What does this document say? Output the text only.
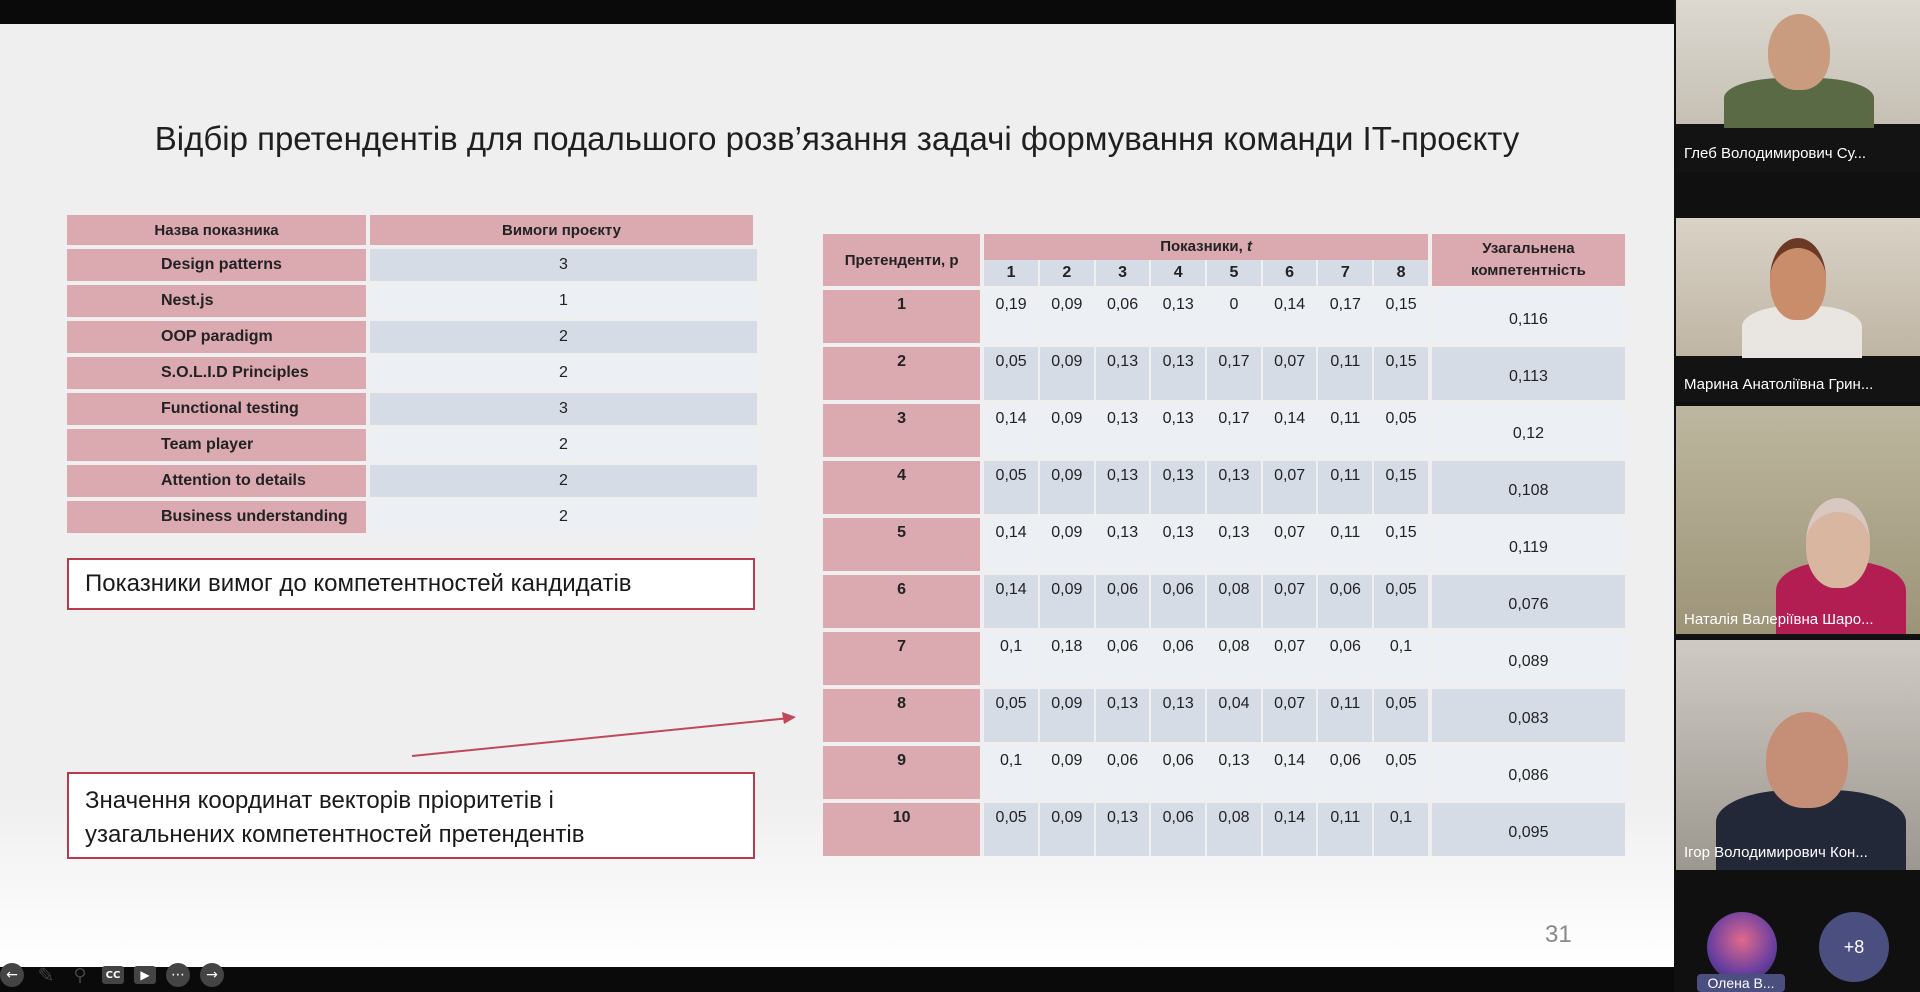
Відбір претендентів для подальшого розв’язання задачі формування команди IT-проєкту
Назва показника	Вимоги проєкту
Design patterns	3
Nest.js	1
OOP paradigm	2
S.O.L.I.D Principles	2
Functional testing	3
Team player	2
Attention to details	2
Business understanding	2
Показники вимог до компетентностей кандидатів
Значення координат векторів пріоритетів і
узагальнених компетентностей претендентів
Претенденти, p	Показники, t								Узагальнена
компетентність

	1	2	3	4	5	6	7	8	
1	0,19	0,09	0,06	0,13	0	0,14	0,17	0,15	0,116
2	0,05	0,09	0,13	0,13	0,17	0,07	0,11	0,15	0,113
3	0,14	0,09	0,13	0,13	0,17	0,14	0,11	0,05	0,12
4	0,05	0,09	0,13	0,13	0,13	0,07	0,11	0,15	0,108
5	0,14	0,09	0,13	0,13	0,13	0,07	0,11	0,15	0,119
6	0,14	0,09	0,06	0,06	0,08	0,07	0,06	0,05	0,076
7	0,1	0,18	0,06	0,06	0,08	0,07	0,06	0,1	0,089
8	0,05	0,09	0,13	0,13	0,04	0,07	0,11	0,05	0,083
9	0,1	0,09	0,06	0,06	0,13	0,14	0,06	0,05	0,086
10	0,05	0,09	0,13	0,06	0,08	0,14	0,11	0,1	0,095
31
← ✎	⚲	CC	▶	⋯	→
Глеб Володимирович Су...
Марина Анатоліївна Грин...
Наталія Валеріївна Шаро...
Ігор Володимирович Кон...
Олена В...
+8
